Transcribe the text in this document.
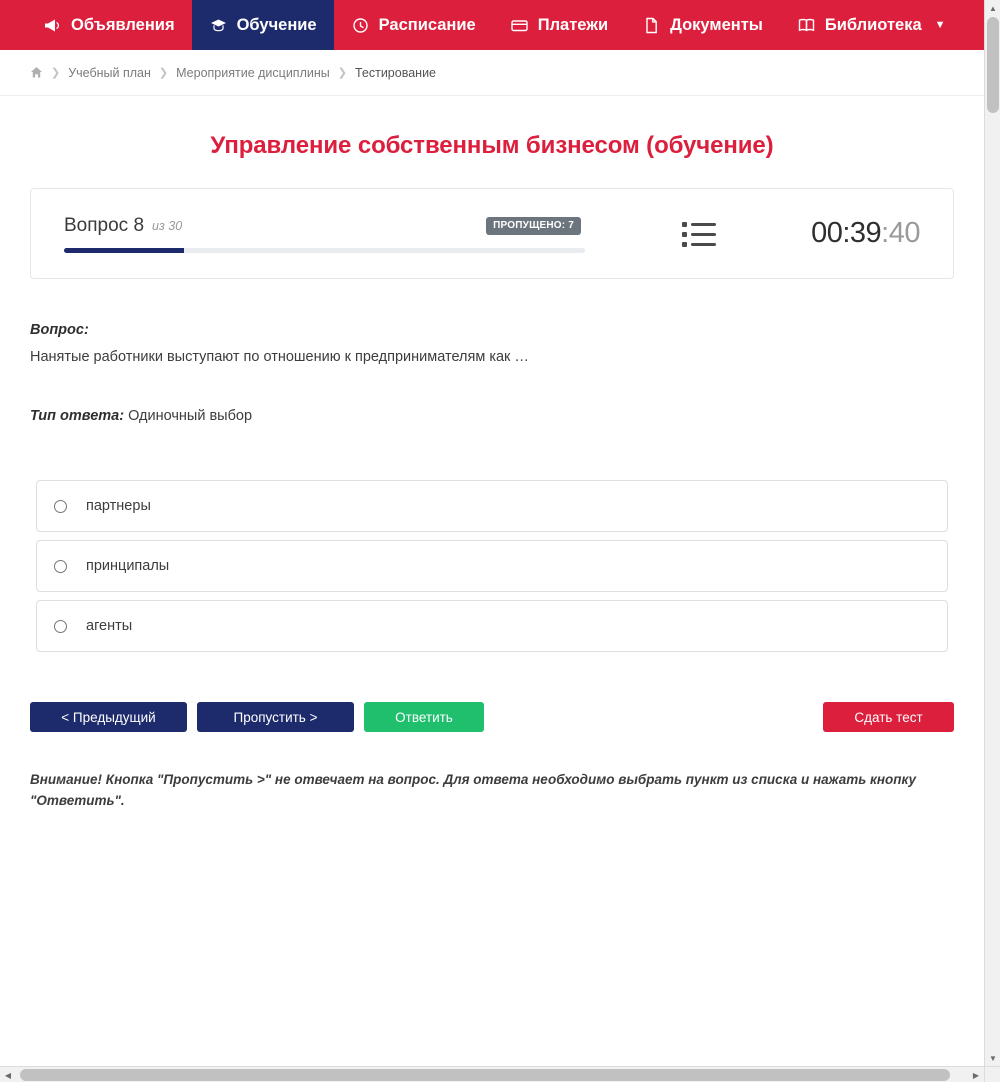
Объявления	Обучение	Расписание	Платежи	Документы	Библиотека ▼
❯ Учебный план ❯ Мероприятие дисциплины ❯ Тестирование
Управление собственным бизнесом (обучение)
Вопрос 8 из 30	ПРОПУЩЕНО: 7	00:39:40
Вопрос:
Нанятые работники выступают по отношению к предпринимателям как …
Тип ответа: Одиночный выбор
партнеры
принципалы
агенты
< Предыдущий	Пропустить >	Ответить	Сдать тест
Внимание! Кнопка "Пропустить >" не отвечает на вопрос. Для ответа необходимо выбрать пункт из списка и нажать кнопку "Ответить".
▲
▼
◀	▶
